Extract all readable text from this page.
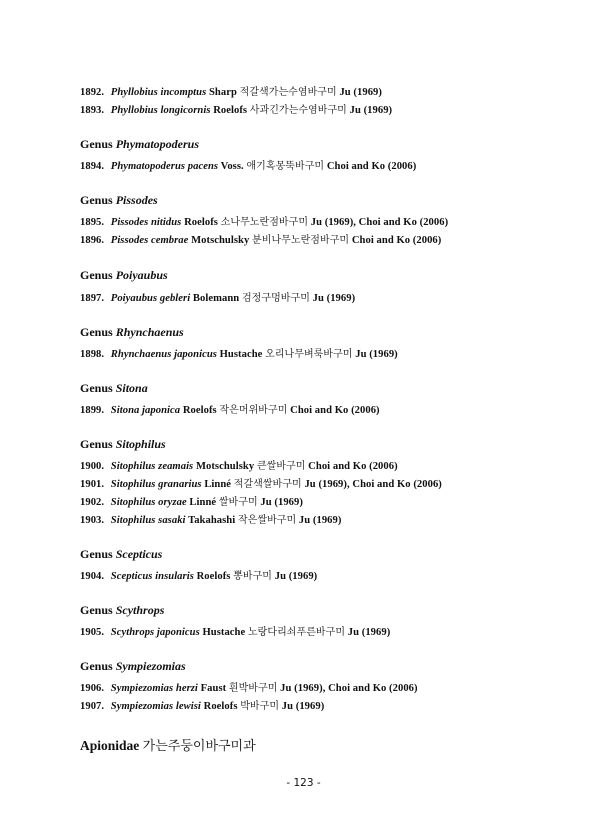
1892. Phyllobius incomptus Sharp 적갈색가는수염바구미 Ju (1969)
1893. Phyllobius longicornis Roelofs 사과긴가는수염바구미 Ju (1969)
Genus Phymatopoderus
1894. Phymatopoderus pacens Voss. 애기혹몽뚝바구미 Choi and Ko (2006)
Genus Pissodes
1895. Pissodes nitidus Roelofs 소나무노란점바구미 Ju (1969), Choi and Ko (2006)
1896. Pissodes cembrae Motschulsky 분비나무노란점바구미 Choi and Ko (2006)
Genus Poiyaubus
1897. Poiyaubus gebleri Bolemann 검정구멍바구미 Ju (1969)
Genus Rhynchaenus
1898. Rhynchaenus japonicus Hustache 오리나무벼룩바구미 Ju (1969)
Genus Sitona
1899. Sitona japonica Roelofs 작은머위바구미 Choi and Ko (2006)
Genus Sitophilus
1900. Sitophilus zeamais Motschulsky 큰쌀바구미 Choi and Ko (2006)
1901. Sitophilus granarius Linné 적갈색쌀바구미 Ju (1969), Choi and Ko (2006)
1902. Sitophilus oryzae Linné 쌀바구미 Ju (1969)
1903. Sitophilus sasaki Takahashi 작은쌀바구미 Ju (1969)
Genus Scepticus
1904. Scepticus insularis Roelofs 뽕바구미 Ju (1969)
Genus Scythrops
1905. Scythrops japonicus Hustache 노랑다리쇠푸른바구미 Ju (1969)
Genus Sympiezomias
1906. Sympiezomias herzi Faust 흰박바구미 Ju (1969), Choi and Ko (2006)
1907. Sympiezomias lewisi Roelofs 박바구미 Ju (1969)
Apionidae 가는주둥이바구미과
- 123 -
